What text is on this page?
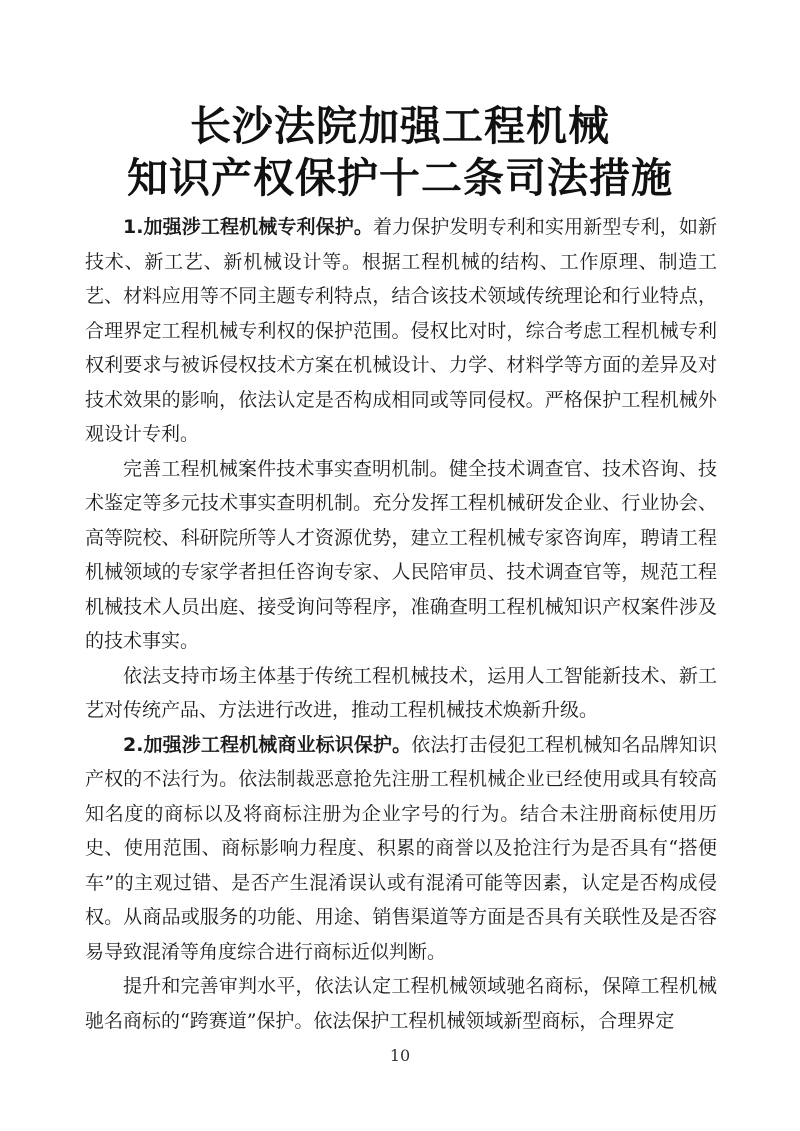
长沙法院加强工程机械
知识产权保护十二条司法措施

1.加强涉工程机械专利保护。着力保护发明专利和实用新型专利，如新技术、新工艺、新机械设计等。根据工程机械的结构、工作原理、制造工艺、材料应用等不同主题专利特点，结合该技术领域传统理论和行业特点，合理界定工程机械专利权的保护范围。侵权比对时，综合考虑工程机械专利权利要求与被诉侵权技术方案在机械设计、力学、材料学等方面的差异及对技术效果的影响，依法认定是否构成相同或等同侵权。严格保护工程机械外观设计专利。

完善工程机械案件技术事实查明机制。健全技术调查官、技术咨询、技术鉴定等多元技术事实查明机制。充分发挥工程机械研发企业、行业协会、高等院校、科研院所等人才资源优势，建立工程机械专家咨询库，聘请工程机械领域的专家学者担任咨询专家、人民陪审员、技术调查官等，规范工程机械技术人员出庭、接受询问等程序，准确查明工程机械知识产权案件涉及的技术事实。

依法支持市场主体基于传统工程机械技术，运用人工智能新技术、新工艺对传统产品、方法进行改进，推动工程机械技术焕新升级。

2.加强涉工程机械商业标识保护。依法打击侵犯工程机械知名品牌知识产权的不法行为。依法制裁恶意抢先注册工程机械企业已经使用或具有较高知名度的商标以及将商标注册为企业字号的行为。结合未注册商标使用历史、使用范围、商标影响力程度、积累的商誉以及抢注行为是否具有“搭便车”的主观过错、是否产生混淆误认或有混淆可能等因素，认定是否构成侵权。从商品或服务的功能、用途、销售渠道等方面是否具有关联性及是否容易导致混淆等角度综合进行商标近似判断。

提升和完善审判水平，依法认定工程机械领域驰名商标，保障工程机械驰名商标的“跨赛道”保护。依法保护工程机械领域新型商标，合理界定

10
